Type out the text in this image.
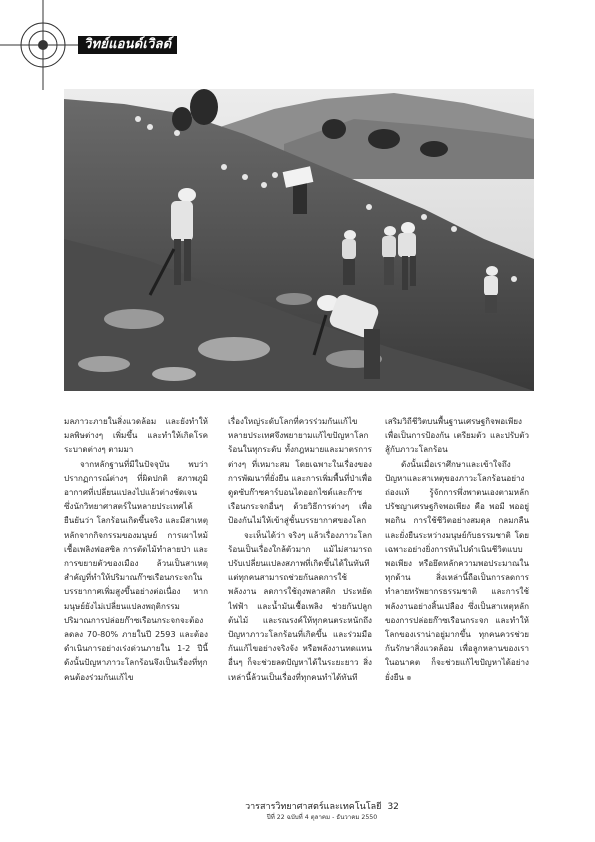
วิทย์แอนด์เวิลด์

มลภาวะภายในสิ่งแวดล้อม และยังทำให้มลพิษต่างๆ เพิ่มขึ้น และทำให้เกิดโรคระบาดต่างๆ ตามมา

จากหลักฐานที่มีในปัจจุบัน พบว่าปรากฏการณ์ต่างๆ ที่ผิดปกติ สภาพภูมิอากาศที่เปลี่ยนแปลงไปแล้วต่างชัดเจน ซึ่งนักวิทยาศาสตร์ในหลายประเทศได้ยืนยันว่า โลกร้อนเกิดขึ้นจริง และมีสาเหตุหลักจากกิจกรรมของมนุษย์ การเผาไหม้เชื้อเพลิงฟอสซิล การตัดไม้ทำลายป่า และการขยายตัวของเมือง ล้วนเป็นสาเหตุสำคัญที่ทำให้ปริมาณก๊าซเรือนกระจกในบรรยากาศเพิ่มสูงขึ้นอย่างต่อเนื่อง หากมนุษย์ยังไม่เปลี่ยนแปลงพฤติกรรม ปริมาณการปล่อยก๊าซเรือนกระจกจะต้องลดลง 70-80% ภายในปี 2593 และต้องดำเนินการอย่างเร่งด่วนภายใน 1-2 ปีนี้ ดังนั้นปัญหาภาวะโลกร้อนจึงเป็นเรื่องที่ทุกคนต้องร่วมกันแก้ไข

เรื่องใหญ่ระดับโลกที่ควรร่วมกันแก้ไข หลายประเทศจึงพยายามแก้ไขปัญหาโลกร้อนในทุกระดับ ทั้งกฎหมายและมาตรการต่างๆ ที่เหมาะสม โดยเฉพาะในเรื่องของการพัฒนาที่ยั่งยืน และการเพิ่มพื้นที่ป่าเพื่อดูดซับก๊าซคาร์บอนไดออกไซด์และก๊าซเรือนกระจกอื่นๆ ด้วยวิธีการต่างๆ เพื่อป้องกันไม่ให้เข้าสู่ชั้นบรรยากาศของโลก

จะเห็นได้ว่า จริงๆ แล้วเรื่องภาวะโลกร้อนเป็นเรื่องใกล้ตัวมาก แม้ไม่สามารถปรับเปลี่ยนแปลงสภาพที่เกิดขึ้นได้ในทันที แต่ทุกคนสามารถช่วยกันลดการใช้พลังงาน ลดการใช้ถุงพลาสติก ประหยัดไฟฟ้า และน้ำมันเชื้อเพลิง ช่วยกันปลูกต้นไม้ และรณรงค์ให้ทุกคนตระหนักถึงปัญหาภาวะโลกร้อนที่เกิดขึ้น และร่วมมือกันแก้ไขอย่างจริงจัง หรือพลังงานทดแทนอื่นๆ ก็จะช่วยลดปัญหาได้ในระยะยาว สิ่งเหล่านี้ล้วนเป็นเรื่องที่ทุกคนทำได้ทันที

เสริมวิถีชีวิตบนพื้นฐานเศรษฐกิจพอเพียง เพื่อเป็นการป้องกัน เตรียมตัว และปรับตัวสู้กับภาวะโลกร้อน

ดังนั้นเมื่อเราศึกษาและเข้าใจถึงปัญหาและสาเหตุของภาวะโลกร้อนอย่างถ่องแท้ รู้จักการพึ่งพาตนเองตามหลักปรัชญาเศรษฐกิจพอเพียง คือ พอมี พออยู่ พอกิน การใช้ชีวิตอย่างสมดุล กลมกลืน และยั่งยืนระหว่างมนุษย์กับธรรมชาติ โดยเฉพาะอย่างยิ่งการหันไปดำเนินชีวิตแบบพอเพียง หรือยึดหลักความพอประมาณในทุกด้าน สิ่งเหล่านี้ถือเป็นการลดการทำลายทรัพยากรธรรมชาติ และการใช้พลังงานอย่างสิ้นเปลือง ซึ่งเป็นสาเหตุหลักของการปล่อยก๊าซเรือนกระจก และทำให้โลกของเราน่าอยู่มากขึ้น ทุกคนควรช่วยกันรักษาสิ่งแวดล้อม เพื่อลูกหลานของเราในอนาคต ก็จะช่วยแก้ไขปัญหาได้อย่างยั่งยืน ๏

วารสารวิทยาศาสตร์และเทคโนโลยี 32
ปีที่ 22 ฉบับที่ 4 ตุลาคม - ธันวาคม 2550
